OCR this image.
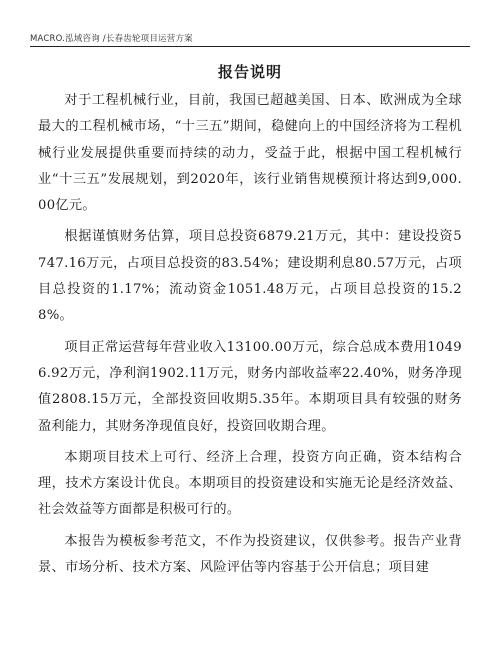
MACRO.泓域咨询 /长春齿轮项目运营方案
报告说明

对于工程机械行业，目前，我国已超越美国、日本、欧洲成为全球最大的工程机械市场，“十三五”期间，稳健向上的中国经济将为工程机械行业发展提供重要而持续的动力，受益于此，根据中国工程机械行业“十三五”发展规划，到2020年，该行业销售规模预计将达到9,000.00亿元。

根据谨慎财务估算，项目总投资6879.21万元，其中：建设投资5747.16万元，占项目总投资的83.54%；建设期利息80.57万元，占项目总投资的1.17%；流动资金1051.48万元，占项目总投资的15.28%。

项目正常运营每年营业收入13100.00万元，综合总成本费用10496.92万元，净利润1902.11万元，财务内部收益率22.40%，财务净现值2808.15万元，全部投资回收期5.35年。本期项目具有较强的财务盈利能力，其财务净现值良好，投资回收期合理。

本期项目技术上可行、经济上合理，投资方向正确，资本结构合理，技术方案设计优良。本期项目的投资建设和实施无论是经济效益、社会效益等方面都是积极可行的。

本报告为模板参考范文，不作为投资建议，仅供参考。报告产业背景、市场分析、技术方案、风险评估等内容基于公开信息；项目建
